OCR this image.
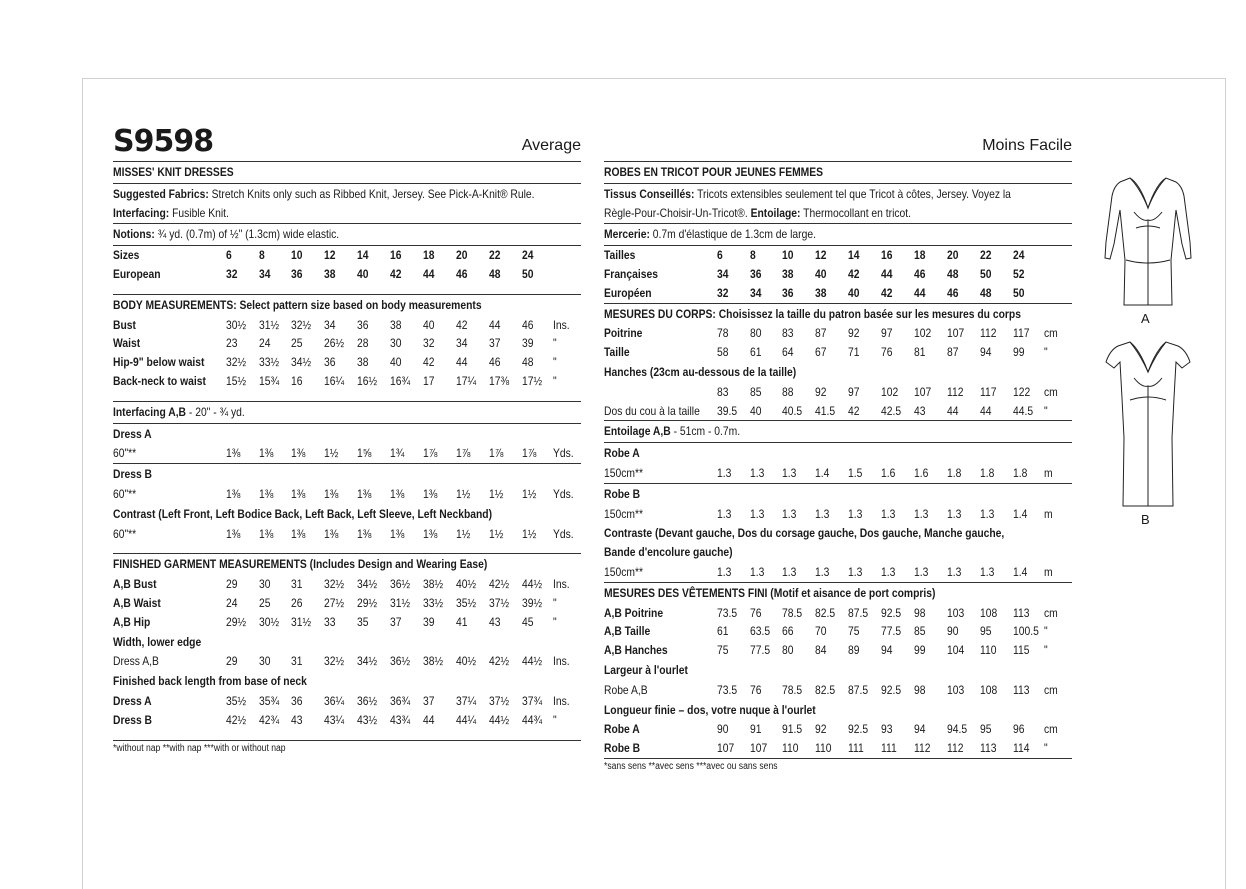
S9598	Average
MISSES' KNIT DRESSES
Suggested Fabrics: Stretch Knits only such as Ribbed Knit, Jersey. See Pick-A-Knit® Rule.
Interfacing: Fusible Knit.
Notions: ¾ yd. (0.7m) of ½" (1.3cm) wide elastic.
Sizes	6 8 10 12 14 16 18 20 22 24
European	32 34 36 38 40 42 44 46 48 50
BODY MEASUREMENTS: Select pattern size based on body measurements
Bust	30½ 31½ 32½ 34 36 38 40 42 44 46 Ins.
Waist	23 24 25 26½ 28 30 32 34 37 39 "
Hip-9" below waist 32½ 33½ 34½ 36 38 40 42 44 46 48 "
Back-neck to waist 15½ 15¾ 16 16¼ 16½ 16¾ 17 17¼ 17⅜ 17½ "
Interfacing A,B - 20" - ¾ yd.
Dress A
60"**	1⅜ 1⅜ 1⅜ 1½ 1⅝ 1¾ 1⅞ 1⅞ 1⅞ 1⅞ Yds.
Dress B
60"**	1⅜ 1⅜ 1⅜ 1⅜ 1⅜ 1⅜ 1⅜ 1½ 1½ 1½ Yds.
Contrast (Left Front, Left Bodice Back, Left Back, Left Sleeve, Left Neckband)
60"**	1⅜ 1⅜ 1⅜ 1⅜ 1⅜ 1⅜ 1⅜ 1½ 1½ 1½ Yds.
FINISHED GARMENT MEASUREMENTS (Includes Design and Wearing Ease)
A,B Bust	29 30 31 32½ 34½ 36½ 38½ 40½ 42½ 44½ Ins.
A,B Waist	24 25 26 27½ 29½ 31½ 33½ 35½ 37½ 39½ "
A,B Hip	29½ 30½ 31½ 33 35 37 39 41 43 45 "
Width, lower edge
Dress A,B	29 30 31 32½ 34½ 36½ 38½ 40½ 42½ 44½ Ins.
Finished back length from base of neck
Dress A	35½ 35¾ 36 36¼ 36½ 36¾ 37 37¼ 37½ 37¾ Ins.
Dress B	42½ 42¾ 43 43¼ 43½ 43¾ 44 44¼ 44½ 44¾ "
*without nap **with nap ***with or without nap
Moins Facile
ROBES EN TRICOT POUR JEUNES FEMMES
Tissus Conseillés: Tricots extensibles seulement tel que Tricot à côtes, Jersey. Voyez la
Règle-Pour-Choisir-Un-Tricot®. Entoilage: Thermocollant en tricot.
Mercerie: 0.7m d'élastique de 1.3cm de large.
Tailles	6 8 10 12 14 16 18 20 22 24
Françaises	34 36 38 40 42 44 46 48 50 52
Européen	32 34 36 38 40 42 44 46 48 50
MESURES DU CORPS: Choisissez la taille du patron basée sur les mesures du corps
Poitrine	78 80 83 87 92 97 102 107 112 117 cm
Taille	58 61 64 67 71 76 81 87 94 99 "
Hanches (23cm au-dessous de la taille)
83 85 88 92 97 102 107 112 117 122 cm
Dos du cou à la taille 39.5 40 40.5 41.5 42 42.5 43 44 44 44.5 "
Entoilage A,B - 51cm - 0.7m.
Robe A
150cm**	1.3 1.3 1.3 1.4 1.5 1.6 1.6 1.8 1.8 1.8 m
Robe B
150cm**	1.3 1.3 1.3 1.3 1.3 1.3 1.3 1.3 1.3 1.4 m
Contraste (Devant gauche, Dos du corsage gauche, Dos gauche, Manche gauche,
Bande d'encolure gauche)
150cm**	1.3 1.3 1.3 1.3 1.3 1.3 1.3 1.3 1.3 1.4 m
MESURES DES VÊTEMENTS FINI (Motif et aisance de port compris)
A,B Poitrine	73.5 76 78.5 82.5 87.5 92.5 98 103 108 113 cm
A,B Taille	61 63.5 66 70 75 77.5 85 90 95 100.5 "
A,B Hanches	75 77.5 80 84 89 94 99 104 110 115 "
Largeur à l'ourlet
Robe A,B	73.5 76 78.5 82.5 87.5 92.5 98 103 108 113 cm
Longueur finie – dos, votre nuque à l'ourlet
Robe A	90 91 91.5 92 92.5 93 94 94.5 95 96 cm
Robe B	107 107 110 110 111 111 112 112 113 114 "
*sans sens **avec sens ***avec ou sans sens
A
B
